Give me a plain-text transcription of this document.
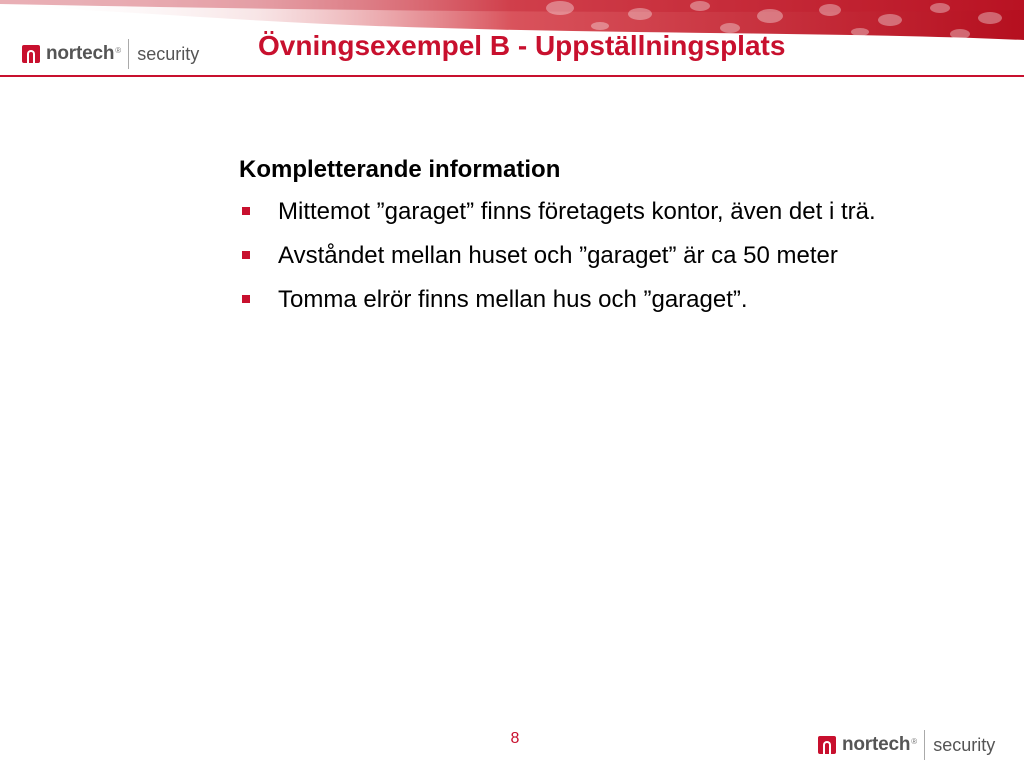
nortech ® security Övningsexempel B - Uppställningsplats

Kompletterande information

Mittemot ”garaget” finns företagets kontor, även det i trä.
Avståndet mellan huset och ”garaget” är ca 50 meter
Tomma elrör finns mellan hus och ”garaget”.
8	nortech ® security
